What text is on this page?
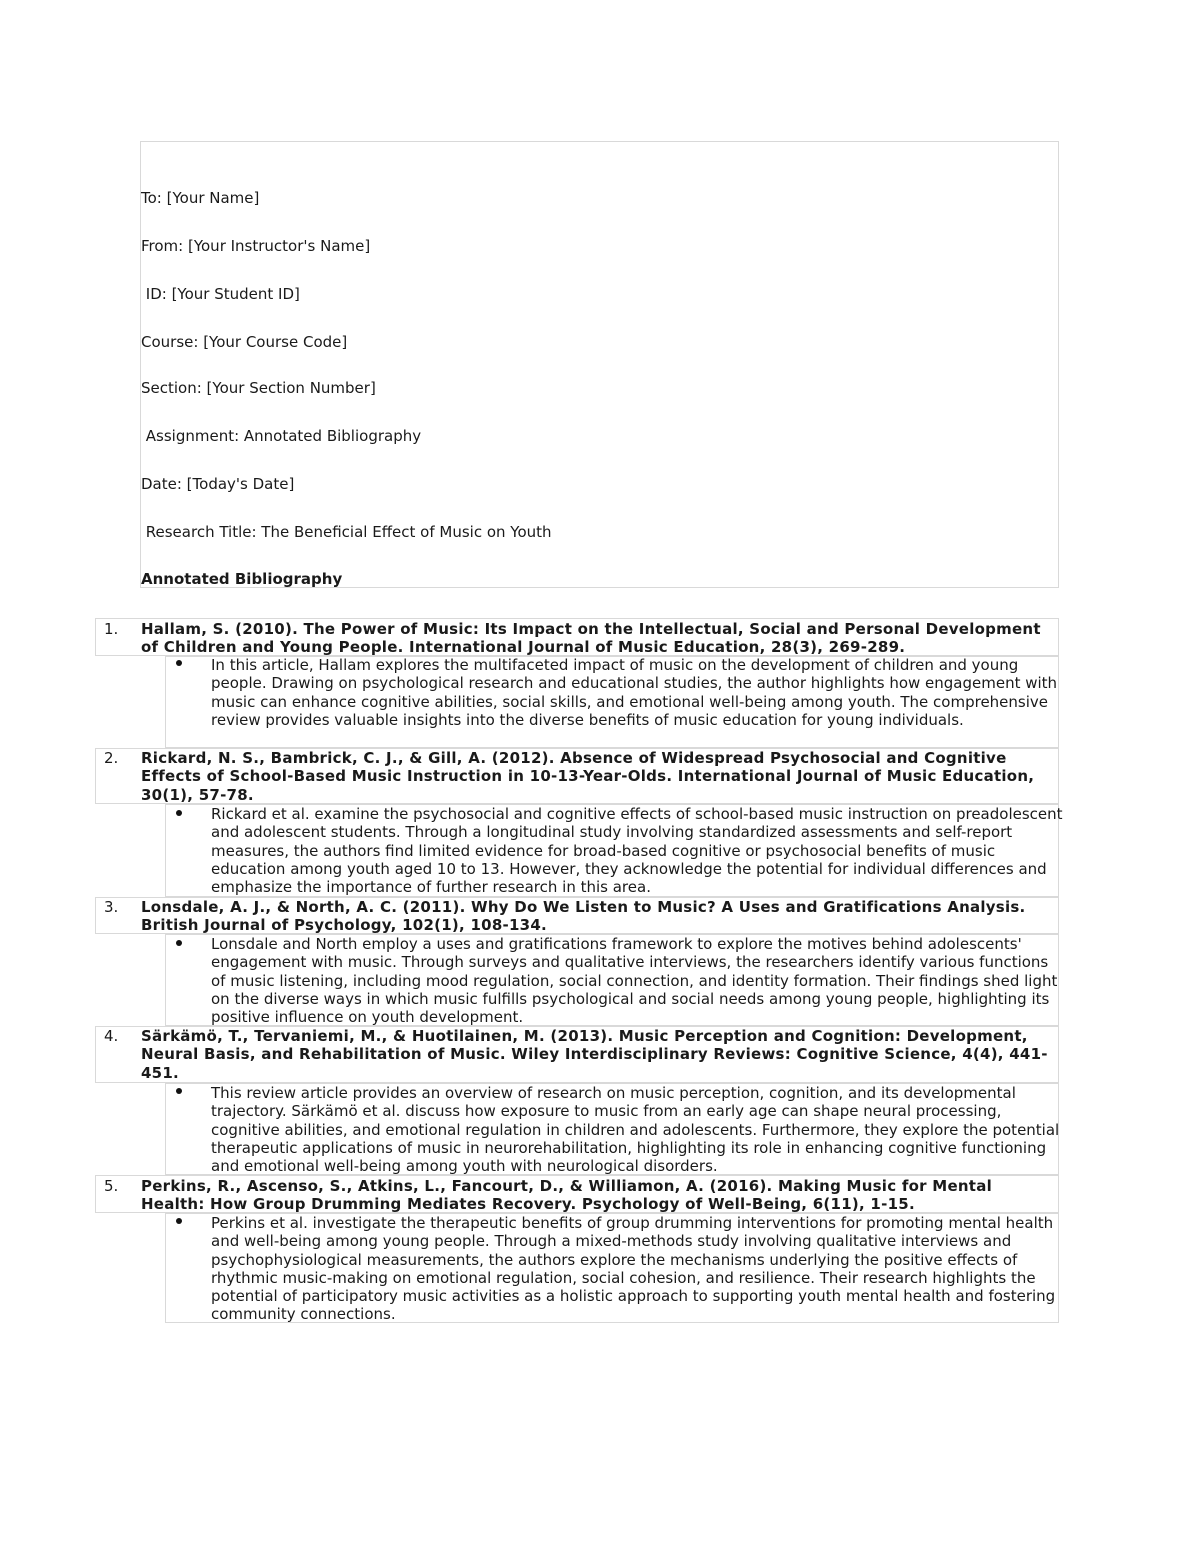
To: [Your Name]
From: [Your Instructor's Name]
ID: [Your Student ID]
Course: [Your Course Code]
Section: [Your Section Number]
Assignment: Annotated Bibliography
Date: [Today's Date]
Research Title: The Beneficial Effect of Music on Youth
Annotated Bibliography
1. Hallam, S. (2010). The Power of Music: Its Impact on the Intellectual, Social and Personal Development of Children and Young People. International Journal of Music Education, 28(3), 269-289.
In this article, Hallam explores the multifaceted impact of music on the development of children and young people. Drawing on psychological research and educational studies, the author highlights how engagement with music can enhance cognitive abilities, social skills, and emotional well-being among youth. The comprehensive review provides valuable insights into the diverse benefits of music education for young individuals.
2. Rickard, N. S., Bambrick, C. J., & Gill, A. (2012). Absence of Widespread Psychosocial and Cognitive Effects of School-Based Music Instruction in 10-13-Year-Olds. International Journal of Music Education, 30(1), 57-78.
Rickard et al. examine the psychosocial and cognitive effects of school-based music instruction on preadolescent and adolescent students. Through a longitudinal study involving standardized assessments and self-report measures, the authors find limited evidence for broad-based cognitive or psychosocial benefits of music education among youth aged 10 to 13. However, they acknowledge the potential for individual differences and emphasize the importance of further research in this area.
3. Lonsdale, A. J., & North, A. C. (2011). Why Do We Listen to Music? A Uses and Gratifications Analysis. British Journal of Psychology, 102(1), 108-134.
Lonsdale and North employ a uses and gratifications framework to explore the motives behind adolescents' engagement with music. Through surveys and qualitative interviews, the researchers identify various functions of music listening, including mood regulation, social connection, and identity formation. Their findings shed light on the diverse ways in which music fulfills psychological and social needs among young people, highlighting its positive influence on youth development.
4. Särkämö, T., Tervaniemi, M., & Huotilainen, M. (2013). Music Perception and Cognition: Development, Neural Basis, and Rehabilitation of Music. Wiley Interdisciplinary Reviews: Cognitive Science, 4(4), 441-451.
This review article provides an overview of research on music perception, cognition, and its developmental trajectory. Särkämö et al. discuss how exposure to music from an early age can shape neural processing, cognitive abilities, and emotional regulation in children and adolescents. Furthermore, they explore the potential therapeutic applications of music in neurorehabilitation, highlighting its role in enhancing cognitive functioning and emotional well-being among youth with neurological disorders.
5. Perkins, R., Ascenso, S., Atkins, L., Fancourt, D., & Williamon, A. (2016). Making Music for Mental Health: How Group Drumming Mediates Recovery. Psychology of Well-Being, 6(11), 1-15.
Perkins et al. investigate the therapeutic benefits of group drumming interventions for promoting mental health and well-being among young people. Through a mixed-methods study involving qualitative interviews and psychophysiological measurements, the authors explore the mechanisms underlying the positive effects of rhythmic music-making on emotional regulation, social cohesion, and resilience. Their research highlights the potential of participatory music activities as a holistic approach to supporting youth mental health and fostering community connections.
